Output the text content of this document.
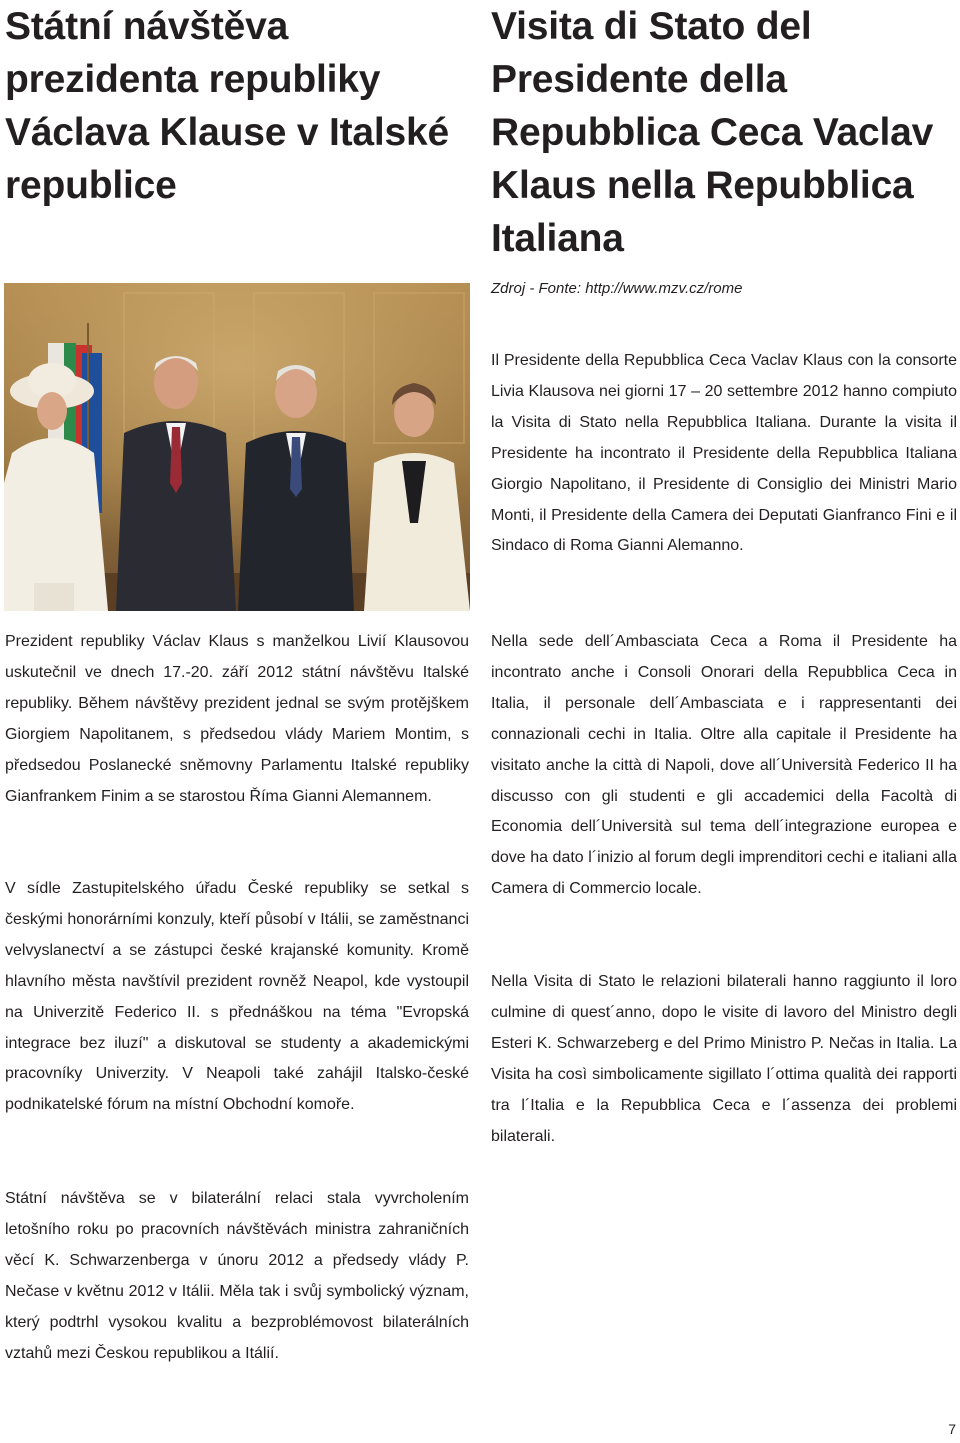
Státní návštěva prezidenta republiky Václava Klause v Italské republice
Visita di Stato del Presidente della Repubblica Ceca Vaclav Klaus nella Repubblica Italiana
Zdroj - Fonte: http://www.mzv.cz/rome

Il Presidente della Repubblica Ceca Vaclav Klaus con la consorte Livia Klausova nei giorni 17 – 20 settembre 2012 hanno compiuto la Visita di Stato nella Repubblica Italiana. Durante la visita il Presidente ha incontrato il Presidente della Repubblica Italiana Giorgio Napolitano, il Presidente di Consiglio dei Ministri Mario Monti, il Presidente della Camera dei Deputati Gianfranco Fini e il Sindaco di Roma Gianni Alemanno.

Prezident republiky Václav Klaus s manželkou Livií Klausovou uskutečnil ve dnech 17.-20. září 2012 státní návštěvu Italské republiky. Během návštěvy prezident jednal se svým protějškem Giorgiem Napolitanem, s předsedou vlády Mariem Montim, s předsedou Poslanecké sněmovny Parlamentu Italské republiky Gianfrankem Finim a se starostou Říma Gianni Alemannem.

Nella sede dell´Ambasciata Ceca a Roma il Presidente ha incontrato anche i Consoli Onorari della Repubblica Ceca in Italia, il personale dell´Ambasciata e i rappresentanti dei connazionali cechi in Italia. Oltre alla capitale il Presidente ha visitato anche la città di Napoli, dove all´Università Federico II ha discusso con gli studenti e gli accademici della Facoltà di Economia dell´Università sul tema dell´integrazione europea e dove ha dato l´inizio al forum degli imprenditori cechi e italiani alla Camera di Commercio locale.

V sídle Zastupitelského úřadu České republiky se setkal s českými honorárními konzuly, kteří působí v Itálii, se zaměstnanci velvyslanectví a se zástupci české krajanské komunity. Kromě hlavního města navštívil prezident rovněž Neapol, kde vystoupil na Univerzitě Federico II. s přednáškou na téma "Evropská integrace bez iluzí" a diskutoval se studenty a akademickými pracovníky Univerzity. V Neapoli také zahájil Italsko-české podnikatelské fórum na místní Obchodní komoře.

Nella Visita di Stato le relazioni bilaterali hanno raggiunto il loro culmine di quest´anno, dopo le visite di lavoro del Ministro degli Esteri K. Schwarzeberg e del Primo Ministro P. Nečas in Italia. La Visita ha così simbolicamente sigillato l´ottima qualità dei rapporti tra l´Italia e la Repubblica Ceca e l´assenza dei problemi bilaterali.

Státní návštěva se v bilaterální relaci stala vyvrcholením letošního roku po pracovních návštěvách ministra zahraničních věcí K. Schwarzenberga v únoru 2012 a předsedy vlády P. Nečase v květnu 2012 v Itálii. Měla tak i svůj symbolický význam, který podtrhl vysokou kvalitu a bezproblémovost bilaterálních vztahů mezi Českou republikou a Itálií.

7
